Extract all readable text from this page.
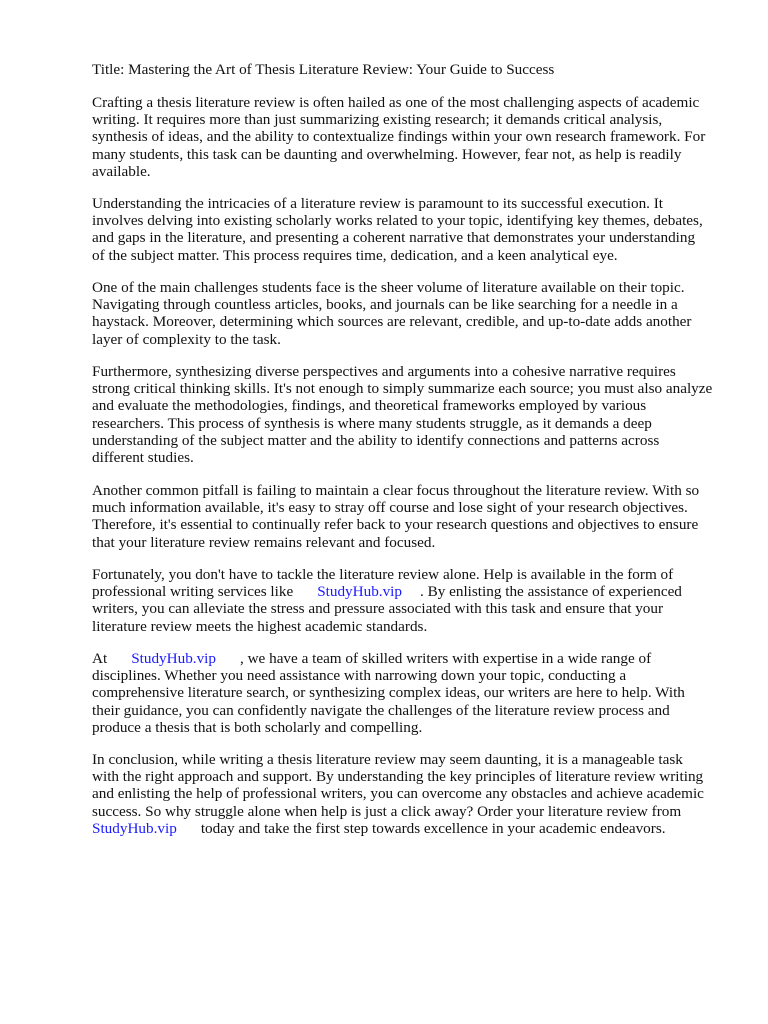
Title: Mastering the Art of Thesis Literature Review: Your Guide to Success

Crafting a thesis literature review is often hailed as one of the most challenging aspects of academic
writing. It requires more than just summarizing existing research; it demands critical analysis,
synthesis of ideas, and the ability to contextualize findings within your own research framework. For
many students, this task can be daunting and overwhelming. However, fear not, as help is readily
available.

Understanding the intricacies of a literature review is paramount to its successful execution. It
involves delving into existing scholarly works related to your topic, identifying key themes, debates,
and gaps in the literature, and presenting a coherent narrative that demonstrates your understanding
of the subject matter. This process requires time, dedication, and a keen analytical eye.

One of the main challenges students face is the sheer volume of literature available on their topic.
Navigating through countless articles, books, and journals can be like searching for a needle in a
haystack. Moreover, determining which sources are relevant, credible, and up-to-date adds another
layer of complexity to the task.

Furthermore, synthesizing diverse perspectives and arguments into a cohesive narrative requires
strong critical thinking skills. It's not enough to simply summarize each source; you must also analyze
and evaluate the methodologies, findings, and theoretical frameworks employed by various
researchers. This process of synthesis is where many students struggle, as it demands a deep
understanding of the subject matter and the ability to identify connections and patterns across
different studies.

Another common pitfall is failing to maintain a clear focus throughout the literature review. With so
much information available, it's easy to stray off course and lose sight of your research objectives.
Therefore, it's essential to continually refer back to your research questions and objectives to ensure
that your literature review remains relevant and focused.

Fortunately, you don't have to tackle the literature review alone. Help is available in the form of
professional writing services like StudyHub.vip . By enlisting the assistance of experienced
writers, you can alleviate the stress and pressure associated with this task and ensure that your
literature review meets the highest academic standards.

At StudyHub.vip , we have a team of skilled writers with expertise in a wide range of
disciplines. Whether you need assistance with narrowing down your topic, conducting a
comprehensive literature search, or synthesizing complex ideas, our writers are here to help. With
their guidance, you can confidently navigate the challenges of the literature review process and
produce a thesis that is both scholarly and compelling.

In conclusion, while writing a thesis literature review may seem daunting, it is a manageable task
with the right approach and support. By understanding the key principles of literature review writing
and enlisting the help of professional writers, you can overcome any obstacles and achieve academic
success. So why struggle alone when help is just a click away? Order your literature review from
StudyHub.vip today and take the first step towards excellence in your academic endeavors.
